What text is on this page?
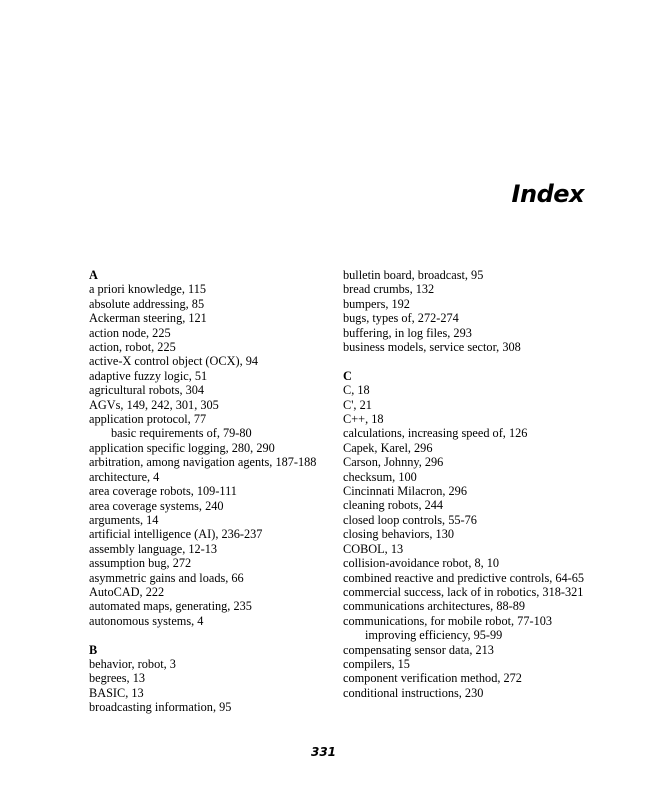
Index
A
a priori knowledge, 115
absolute addressing, 85
Ackerman steering, 121
action node, 225
action, robot, 225
active-X control object (OCX), 94
adaptive fuzzy logic, 51
agricultural robots, 304
AGVs, 149, 242, 301, 305
application protocol, 77
basic requirements of, 79-80
application specific logging, 280, 290
arbitration, among navigation agents, 187-188
architecture, 4
area coverage robots, 109-111
area coverage systems, 240
arguments, 14
artificial intelligence (AI), 236-237
assembly language, 12-13
assumption bug, 272
asymmetric gains and loads, 66
AutoCAD, 222
automated maps, generating, 235
autonomous systems, 4
B
behavior, robot, 3
begrees, 13
BASIC, 13
broadcasting information, 95
bulletin board, broadcast, 95
bread crumbs, 132
bumpers, 192
bugs, types of, 272-274
buffering, in log files, 293
business models, service sector, 308
C
C, 18
C', 21
C++, 18
calculations, increasing speed of, 126
Capek, Karel, 296
Carson, Johnny, 296
checksum, 100
Cincinnati Milacron, 296
cleaning robots, 244
closed loop controls, 55-76
closing behaviors, 130
COBOL, 13
collision-avoidance robot, 8, 10
combined reactive and predictive controls, 64-65
commercial success, lack of in robotics, 318-321
communications architectures, 88-89
communications, for mobile robot, 77-103
improving efficiency, 95-99
compensating sensor data, 213
compilers, 15
component verification method, 272
conditional instructions, 230
331
